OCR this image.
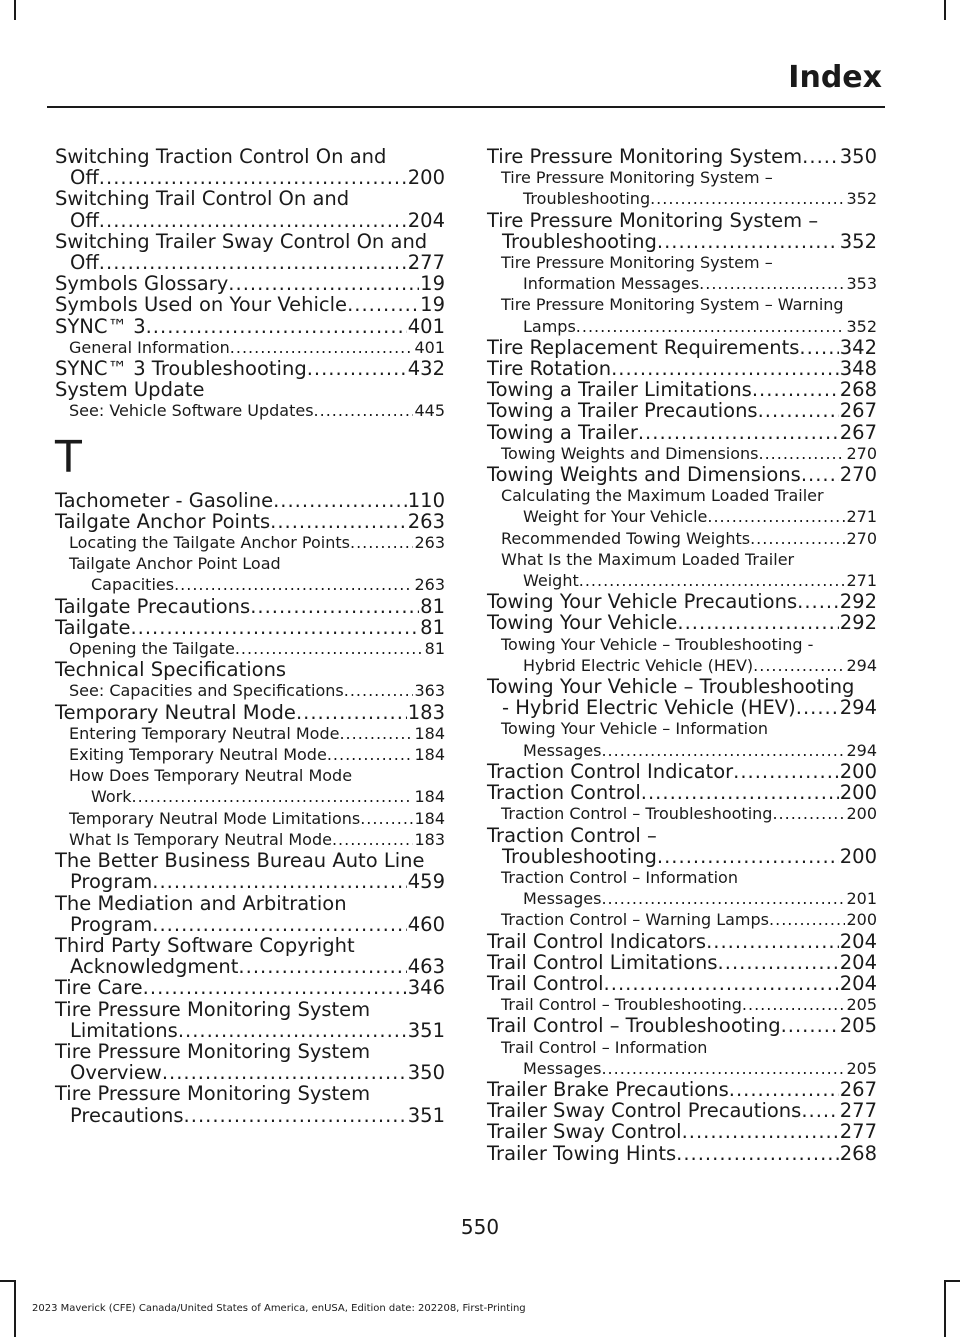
Index
Switching Traction Control On and
Off .....	200
Switching Trail Control On and
Off .....	204
Switching Trailer Sway Control On and
Off .....	277
Symbols Glossary .....	19
Symbols Used on Your Vehicle .....	19
SYNC™ 3 .....	401
General Information .....	401
SYNC™ 3 Troubleshooting .....	432
System Update
See: Vehicle Software Updates .....	445
T
Tachometer - Gasoline .....	110
Tailgate Anchor Points .....	263
Locating the Tailgate Anchor Points .....	263
Tailgate Anchor Point Load
Capacities .....	263
Tailgate Precautions .....	81
Tailgate .....	81
Opening the Tailgate .....	81
Technical Specifications
See: Capacities and Specifications .....	363
Temporary Neutral Mode .....	183
Entering Temporary Neutral Mode .....	184
Exiting Temporary Neutral Mode .....	184
How Does Temporary Neutral Mode
Work .....	184
Temporary Neutral Mode Limitations .....	184
What Is Temporary Neutral Mode .....	183
The Better Business Bureau Auto Line
Program .....	459
The Mediation and Arbitration
Program .....	460
Third Party Software Copyright
Acknowledgment .....	463
Tire Care .....	346
Tire Pressure Monitoring System
Limitations .....	351
Tire Pressure Monitoring System
Overview .....	350
Tire Pressure Monitoring System
Precautions .....	351
Tire Pressure Monitoring System ..... 350
Tire Pressure Monitoring System –
Troubleshooting .....	352
Tire Pressure Monitoring System –
Troubleshooting .....	352
Tire Pressure Monitoring System –
Information Messages .....	353
Tire Pressure Monitoring System – Warning
Lamps .....	352
Tire Replacement Requirements ..... 342
Tire Rotation .....	348
Towing a Trailer Limitations .....	268
Towing a Trailer Precautions .....	267
Towing a Trailer .....	267
Towing Weights and Dimensions .....	270
Towing Weights and Dimensions ..... 270
Calculating the Maximum Loaded Trailer
Weight for Your Vehicle .....	271
Recommended Towing Weights .....	270
What Is the Maximum Loaded Trailer
Weight .....	271
Towing Your Vehicle Precautions ..... 292
Towing Your Vehicle .....	292
Towing Your Vehicle – Troubleshooting -
Hybrid Electric Vehicle (HEV) .....	294
Towing Your Vehicle – Troubleshooting
- Hybrid Electric Vehicle (HEV) ..... 294
Towing Your Vehicle – Information
Messages .....	294
Traction Control Indicator .....	200
Traction Control .....	200
Traction Control – Troubleshooting .....	200
Traction Control –
Troubleshooting .....	200
Traction Control – Information
Messages .....	201
Traction Control – Warning Lamps .....	200
Trail Control Indicators .....	204
Trail Control Limitations .....	204
Trail Control .....	204
Trail Control – Troubleshooting .....	205
Trail Control – Troubleshooting .....	205
Trail Control – Information
Messages .....	205
Trailer Brake Precautions .....	267
Trailer Sway Control Precautions ..... 277
Trailer Sway Control .....	277
Trailer Towing Hints .....	268
550
2023 Maverick (CFE) Canada/United States of America, enUSA, Edition date: 202208, First-Printing
